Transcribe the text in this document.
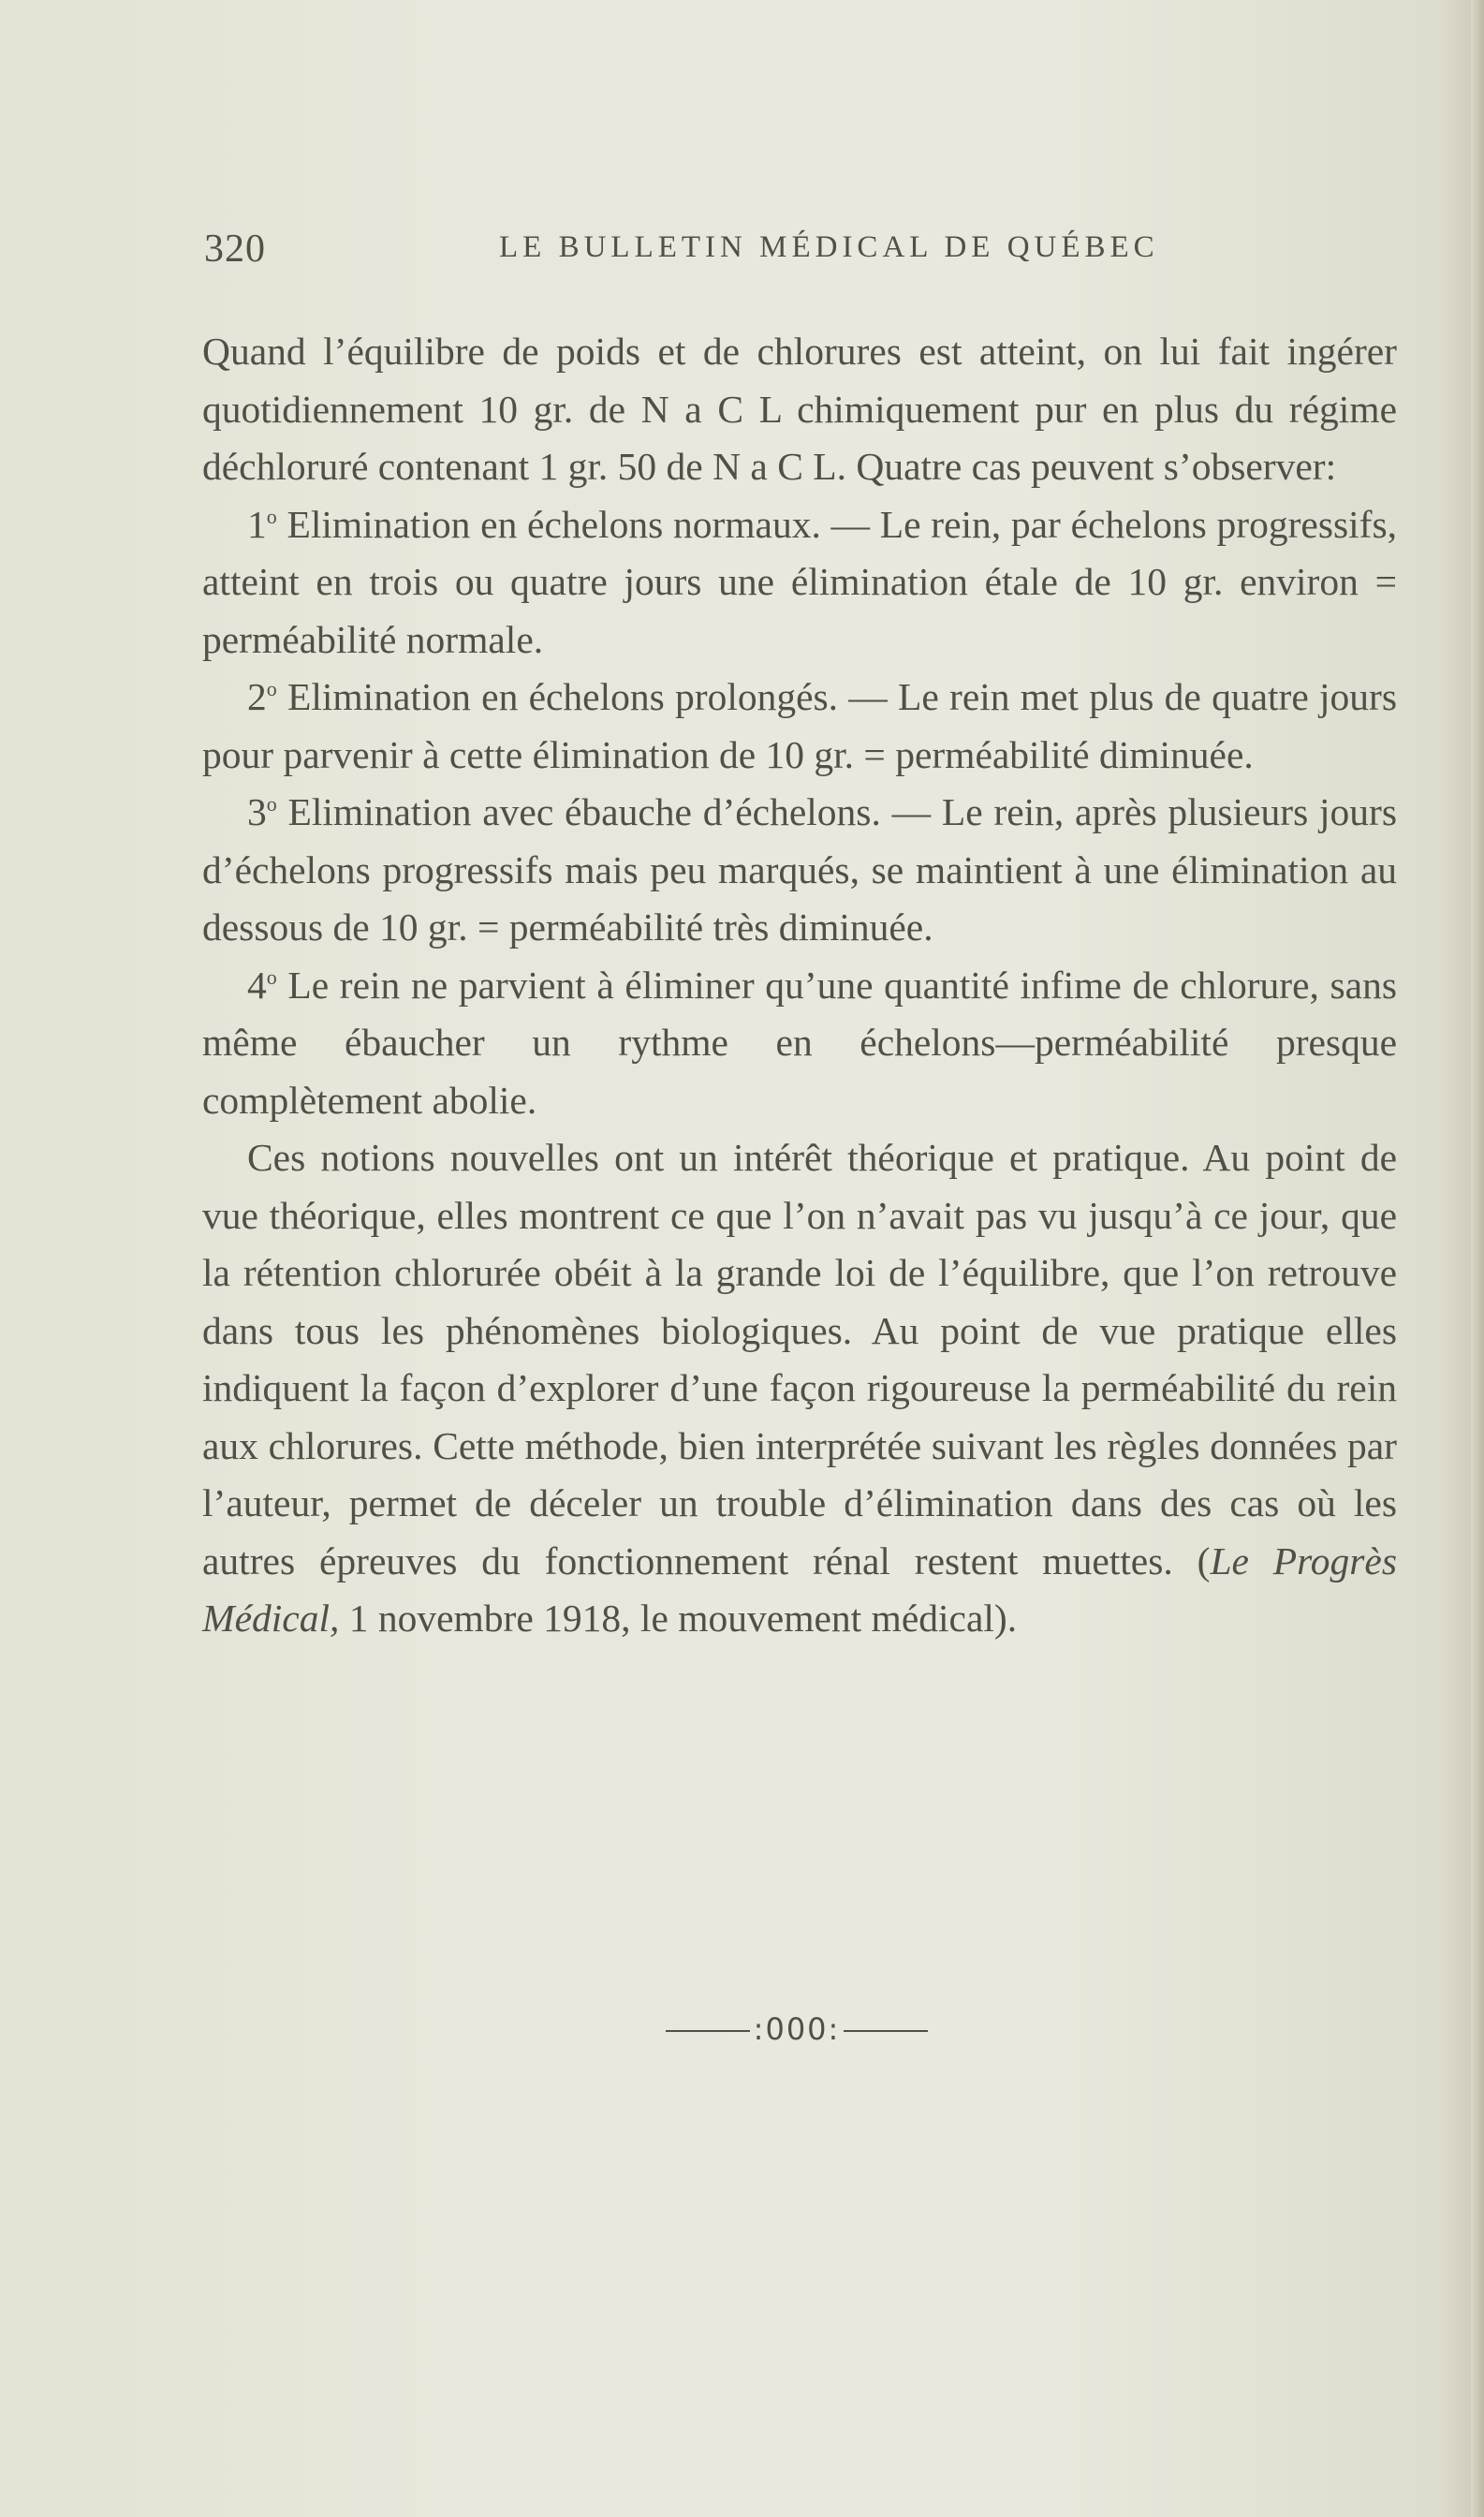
320	LE BULLETIN MÉDICAL DE QUÉBEC

Quand l’équilibre de poids et de chlorures est atteint, on lui fait ingérer quotidiennement 10 gr. de N a C L chimiquement pur en plus du régime déchloruré contenant 1 gr. 50 de N a C L. Quatre cas peuvent s’observer:

1$^o$ Elimination en échelons normaux. — Le rein, par échelons progressifs, atteint en trois ou quatre jours une élimination étale de 10 gr. environ = perméabilité normale.

2$^o$ Elimination en échelons prolongés. — Le rein met plus de quatre jours pour parvenir à cette élimination de 10 gr. = perméabilité diminuée.

3$^o$ Elimination avec ébauche d’échelons. — Le rein, après plusieurs jours d’échelons progressifs mais peu marqués, se maintient à une élimination au dessous de 10 gr. = perméabilité très diminuée.

4$^o$ Le rein ne parvient à éliminer qu’une quantité infime de chlorure, sans même ébaucher un rythme en échelons—perméabilité presque complètement abolie.

Ces notions nouvelles ont un intérêt théorique et pratique. Au point de vue théorique, elles montrent ce que l’on n’avait pas vu jusqu’à ce jour, que la rétention chlorurée obéit à la grande loi de l’équilibre, que l’on retrouve dans tous les phénomènes biologiques. Au point de vue pratique elles indiquent la façon d’explorer d’une façon rigoureuse la perméabilité du rein aux chlorures. Cette méthode, bien interprétée suivant les règles données par l’auteur, permet de déceler un trouble d’élimination dans des cas où les autres épreuves du fonctionnement rénal restent muettes. (Le Progrès Médical, 1 novembre 1918, le mouvement médical).

:000:
